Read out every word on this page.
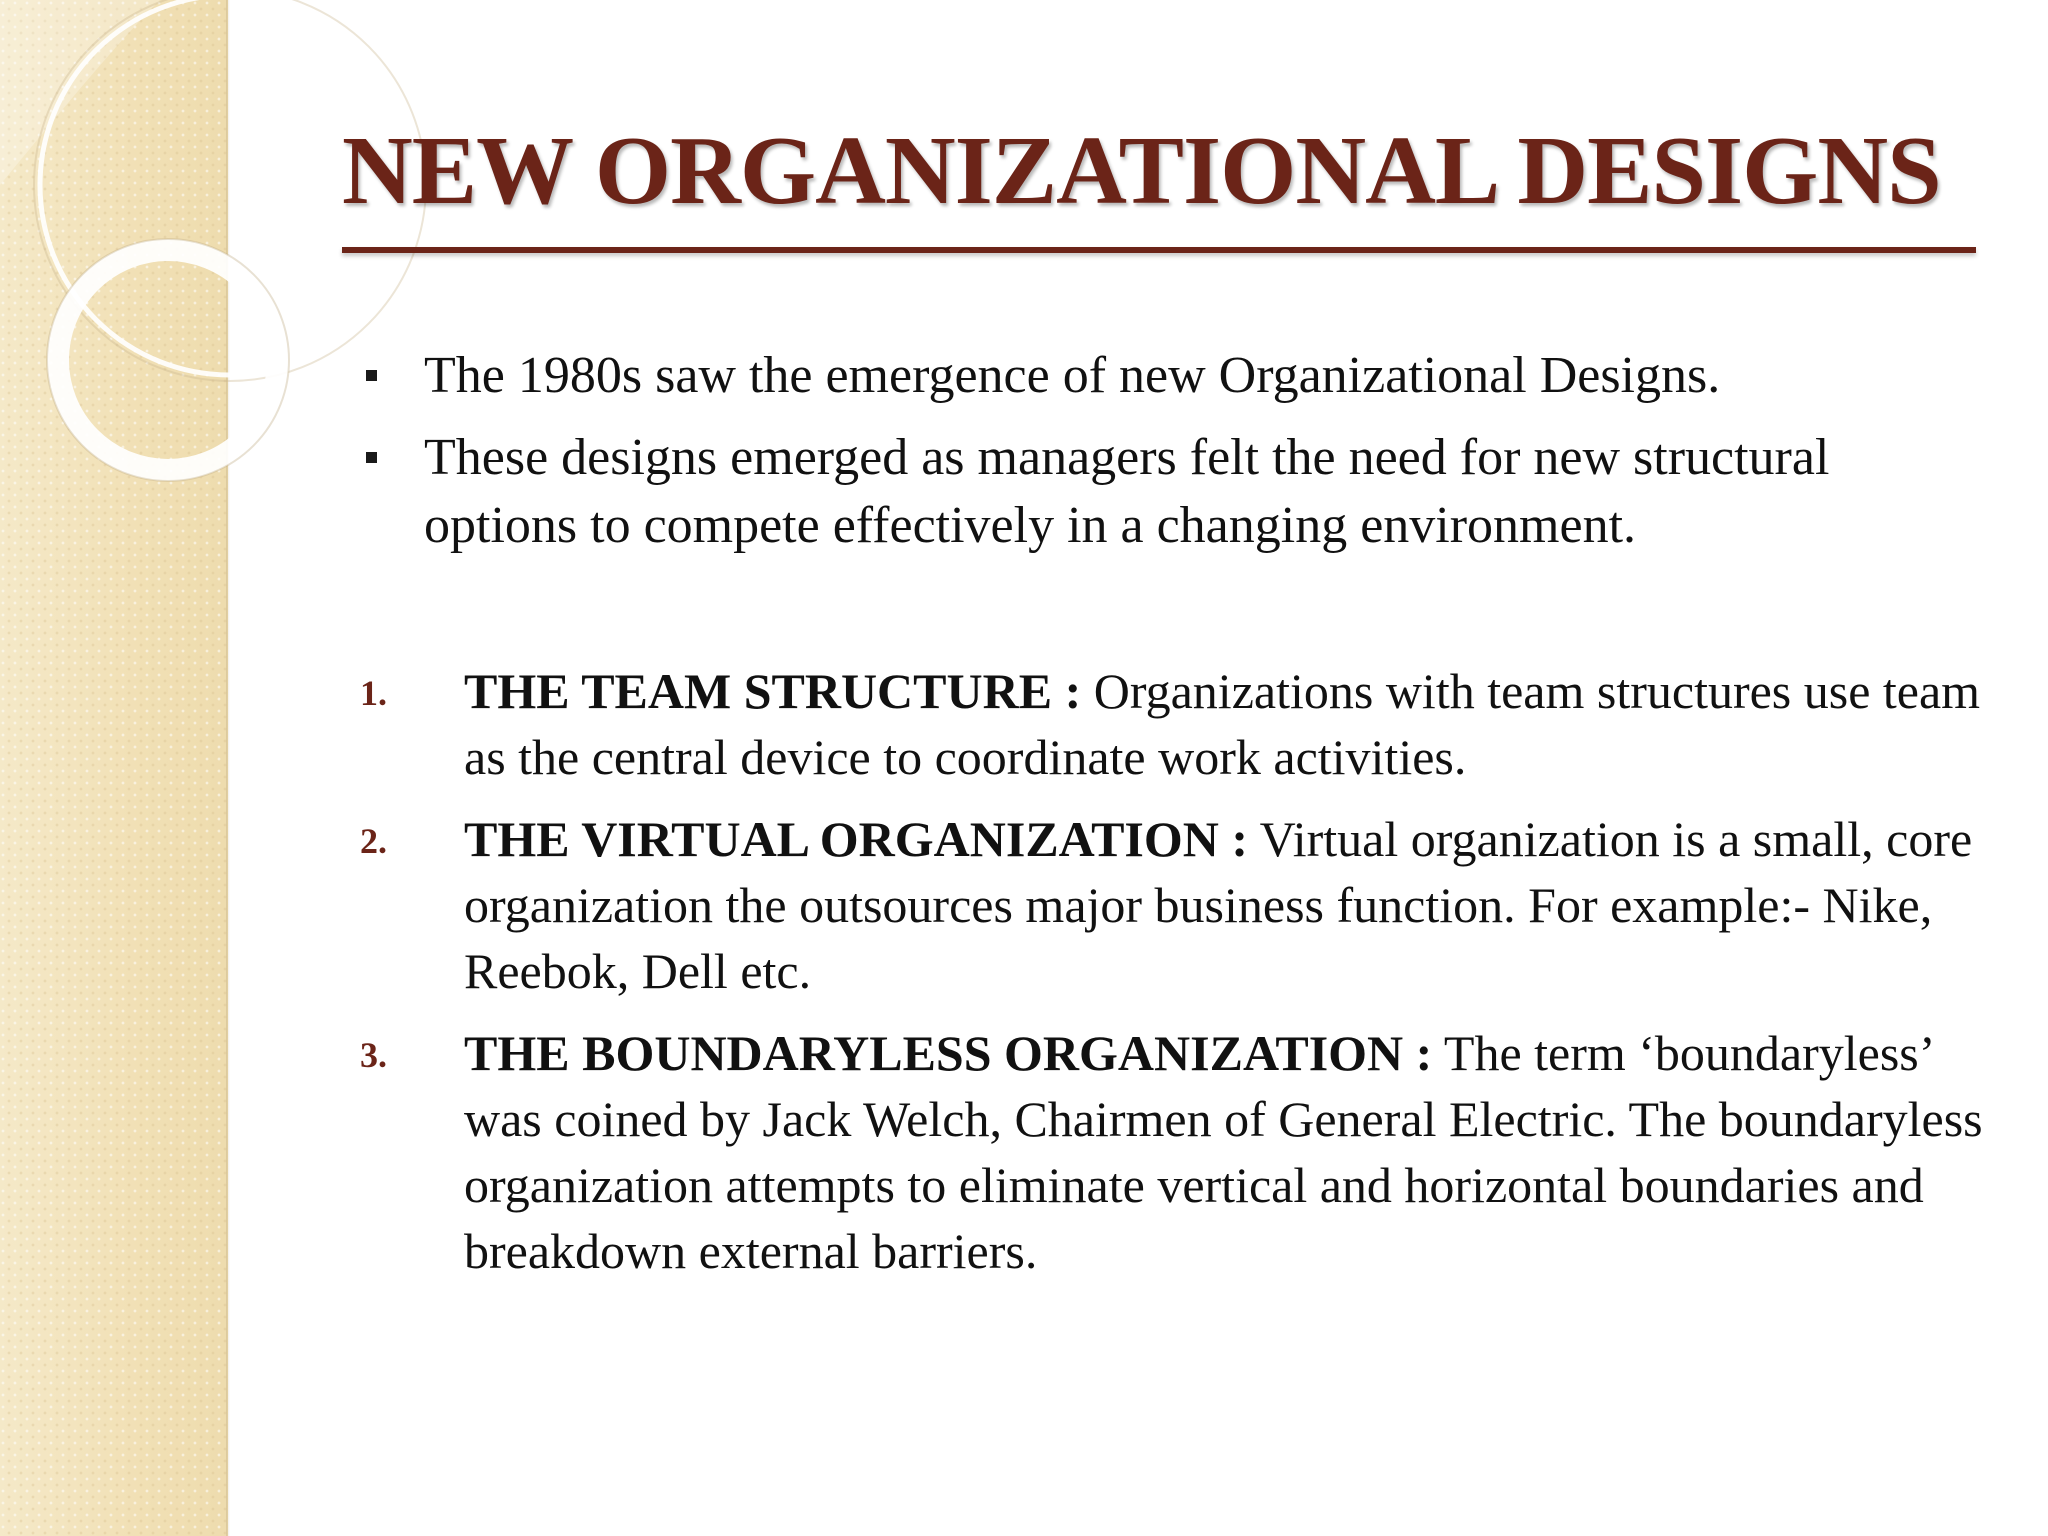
NEW ORGANIZATIONAL DESIGNS
The 1980s saw the emergence of new Organizational Designs.
These designs emerged as managers felt the need for new structural options to compete effectively in a changing environment.
1. THE TEAM STRUCTURE : Organizations with team structures use team as the central device to coordinate work activities.
2. THE VIRTUAL ORGANIZATION : Virtual organization is a small, core organization the outsources major business function. For example:- Nike, Reebok, Dell etc.
3. THE BOUNDARYLESS ORGANIZATION : The term ‘boundaryless’ was coined by Jack Welch, Chairmen of General Electric. The boundaryless organization attempts to eliminate vertical and horizontal boundaries and breakdown external barriers.
